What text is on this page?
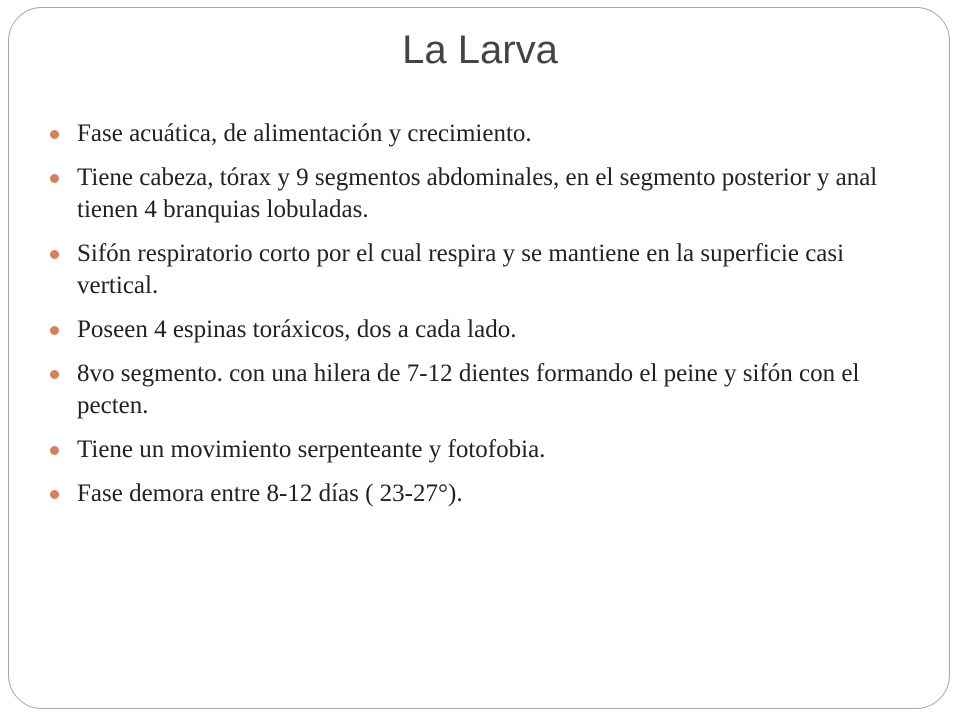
La Larva
Fase acuática, de alimentación y crecimiento.
Tiene cabeza, tórax y 9 segmentos abdominales, en el segmento posterior y anal tienen 4 branquias lobuladas.
Sifón respiratorio corto por el cual respira y se mantiene en la superficie casi vertical.
Poseen 4 espinas toráxicos, dos a cada lado.
8vo segmento. con una hilera de 7-12 dientes formando el peine y sifón con el pecten.
Tiene un movimiento serpenteante y fotofobia.
Fase demora entre 8-12 días ( 23-27°).
